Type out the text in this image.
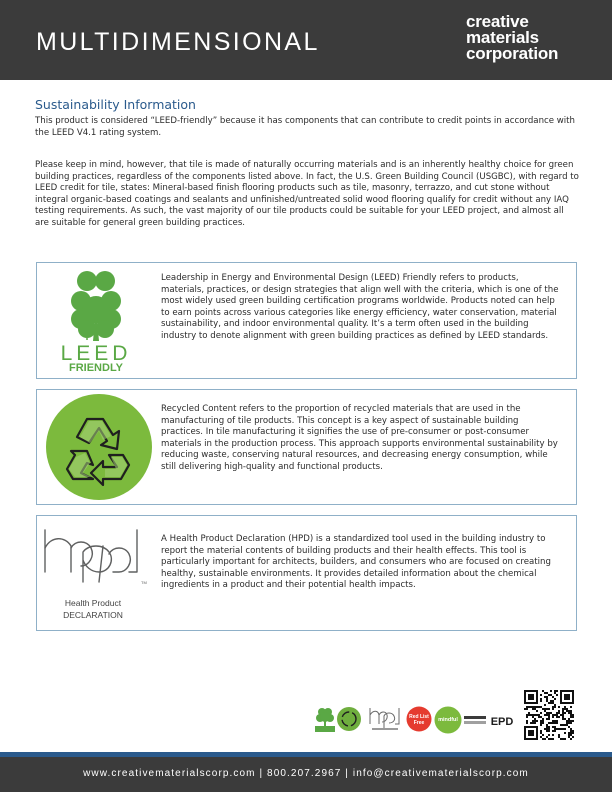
MULTIDIMENSIONAL
creative
materials
corporation
Sustainability Information
This product is considered “LEED-friendly” because it has components that can contribute to credit points in accordance with the LEED V4.1 rating system.
Please keep in mind, however, that tile is made of naturally occurring materials and is an inherently healthy choice for green building practices, regardless of the components listed above. In fact, the U.S. Green Building Council (USGBC), with regard to LEED credit for tile, states: Mineral-based finish flooring products such as tile, masonry, terrazzo, and cut stone without integral organic-based coatings and sealants and unfinished/untreated solid wood flooring qualify for credit without any IAQ testing requirements. As such, the vast majority of our tile products could be suitable for your LEED project, and almost all are suitable for general green building practices.
LEED
FRIENDLY
Leadership in Energy and Environmental Design (LEED) Friendly refers to products, materials, practices, or design strategies that align well with the criteria, which is one of the most widely used green building certification programs worldwide. Products noted can help to earn points across various categories like energy efficiency, water conservation, material sustainability, and indoor environmental quality. It’s a term often used in the building industry to denote alignment with green building practices as defined by LEED standards.
Recycled Content refers to the proportion of recycled materials that are used in the manufacturing of tile products. This concept is a key aspect of sustainable building practices. In tile manufacturing it signifies the use of pre-consumer or post-consumer materials in the production process. This approach supports environmental sustainability by reducing waste, conserving natural resources, and decreasing energy consumption, while still delivering high-quality and functional products.
TM
Health Product
DECLARATION
A Health Product Declaration (HPD) is a standardized tool used in the building industry to report the material contents of building products and their health effects. This tool is particularly important for architects, builders, and consumers who are focused on creating healthy, sustainable environments. It provides detailed information about the chemical ingredients in a product and their potential health impacts.
Red List
Free	mindful	EPD
www.creativematerialscorp.com | 800.207.2967 | info@creativematerialscorp.com
